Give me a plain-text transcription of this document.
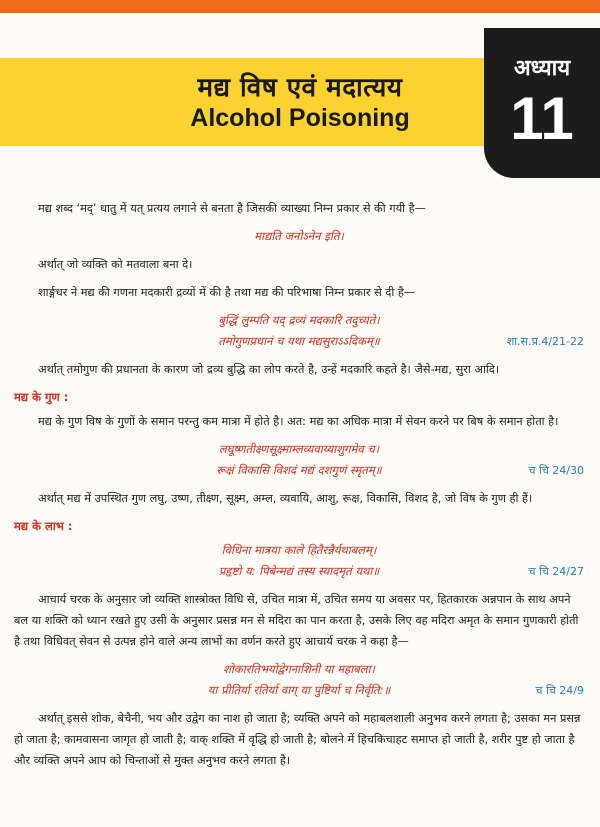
मद्य विष एवं मदात्यय
Alcohol Poisoning
अध्याय
11

मद्य शब्द ‘मद्’ धातु में यत् प्रत्यय लगाने से बनता है जिसकी व्याख्या निम्न प्रकार से की गयी है—

माद्यति जनोऽनेन इति।

अर्थात् जो व्यक्ति को मतवाला बना दे।

शार्ङ्गधर ने मद्य की गणना मदकारी द्रव्यों में की है तथा मद्य की परिभाषा निम्न प्रकार से दी है—

बुद्धिं लुम्पति यद् द्रव्यं मदकारि तदुच्यते।
तमोगुणप्रधानं च यथा मद्यसुराऽऽदिकम्॥	शा.स.प्र.4/21-22

अर्थात् तमोगुण की प्रधानता के कारण जो द्रव्य बुद्धि का लोप करते है, उन्हें मदकारि कहते है। जैसे-मद्य, सुरा आदि।

मद्य के गुण :

मद्य के गुण विष के गुणों के समान परन्तु कम मात्रा में होते है। अत: मद्य का अधिक मात्रा में सेवन करने पर बिष के समान होता है।

लघूष्णतीक्ष्णसूक्ष्माम्लव्यवाय्याशुगमेव च।
रूक्षं विकासि विशदं मद्यं दशगुणं स्मृतम्॥	च चि 24/30

अर्थात् मद्य में उपस्थित गुण लघु, उष्ण, तीक्ष्ण, सूक्ष्म, अम्ल, व्यवायि, आशु, रूक्ष, विकासि, विशद है, जो विष के गुण ही हैं।

मद्य के लाभ :

विधिना मात्रया काले हितैरन्नैर्यथाबलम्।
प्रहृष्टो य: पिबेन्मद्यं तस्य स्यादमृतं यथा॥	च चि 24/27

आचार्य चरक के अनुसार जो व्यक्ति शास्त्रोक्त विधि से, उचित मात्रा में, उचित समय या अवसर पर, हितकारक अन्नपान के साथ अपने बल या शक्ति को ध्यान रखते हुए उसी के अनुसार प्रसन्न मन से मदिरा का पान करता है, उसके लिए वह मदिरा अमृत के समान गुणकारी होती है तथा विधिवत् सेवन से उत्पन्न होने वाले अन्य लाभों का वर्णन करते हुए आचार्य चरक ने कहा है—

शोकारतिभयोद्वेगनाशिनी या महाबला।
या प्रीतिर्या रतिर्या वाग् या पुष्टिर्या च निर्वृति:॥	च चि 24/9

अर्थात् इससे शोक, बेचैनी, भय और उद्वेग का नाश हो जाता है; व्यक्ति अपने को महाबलशाली अनुभव करने लगता है; उसका मन प्रसन्न हो जाता है; कामवासना जागृत हो जाती है; वाक् शक्ति में वृद्धि हो जाती है; बोलने में हिचकिचाहट समाप्त हो जाती है, शरीर पुष्ट हो जाता है और व्यक्ति अपने आप को चिन्ताओं से मुक्त अनुभव करने लगता है।
